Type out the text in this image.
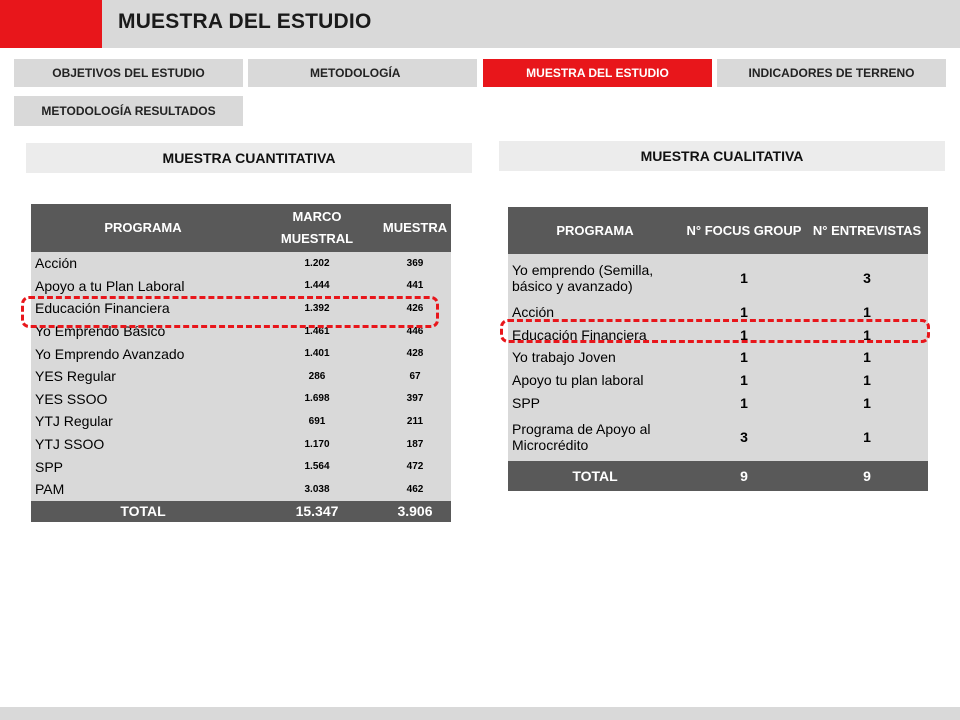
MUESTRA DEL ESTUDIO
OBJETIVOS DEL ESTUDIO	METODOLOGÍA	MUESTRA DEL ESTUDIO	INDICADORES DE TERRENO
METODOLOGÍA RESULTADOS
MUESTRA CUANTITATIVA	MUESTRA CUALITATIVA
PROGRAMA	MARCO MUESTRAL	MUESTRA
Acción	1.202	369
Apoyo a tu Plan Laboral	1.444	441
Educación Financiera	1.392	426
Yo Emprendo Básico	1.461	446
Yo Emprendo Avanzado	1.401	428
YES Regular	286	67
YES SSOO	1.698	397
YTJ Regular	691	211
YTJ SSOO	1.170	187
SPP	1.564	472
PAM	3.038	462
TOTAL	15.347	3.906
PROGRAMA	N° FOCUS GROUP	N° ENTREVISTAS

Yo emprendo (Semilla,
básico y avanzado)	1	3
Acción	1	1
Educación Financiera	1	1
Yo trabajo Joven	1	1
Apoyo tu plan laboral	1	1
SPP	1	1

Programa de Apoyo al
Microcrédito	3	1
TOTAL	9	9
